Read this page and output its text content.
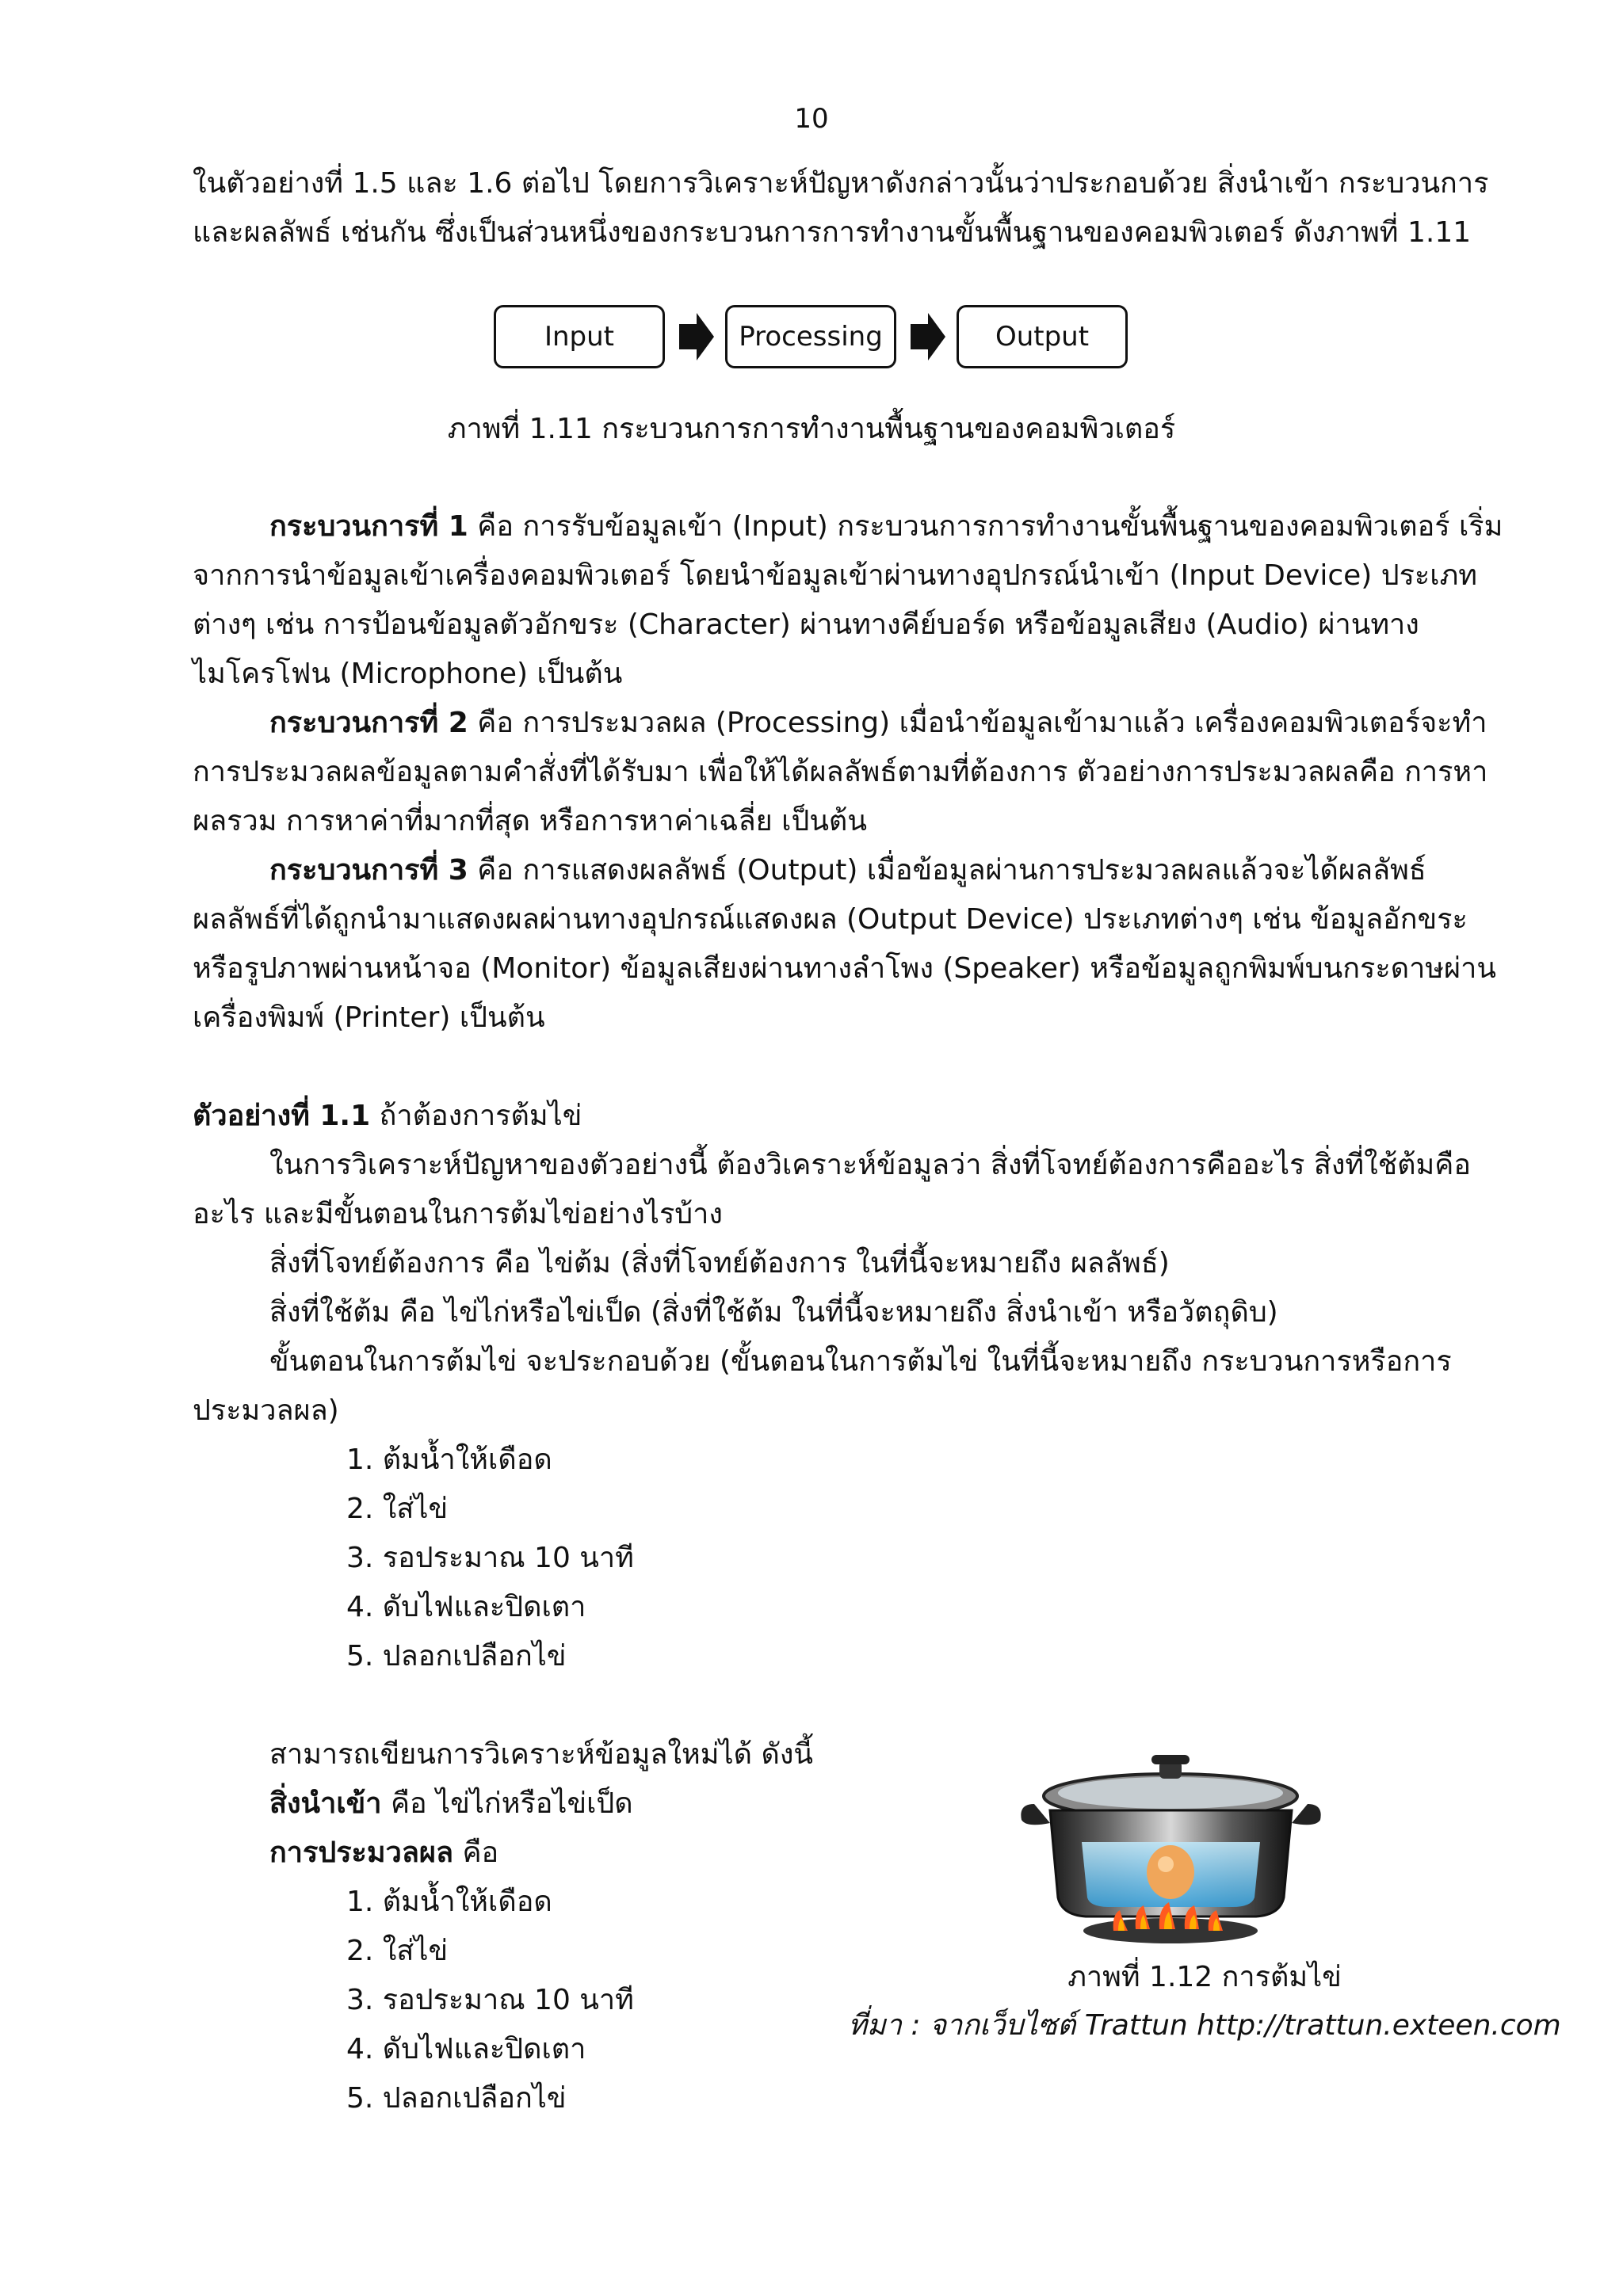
10
ในตัวอย่างที่ 1.5 และ 1.6 ต่อไป โดยการวิเคราะห์ปัญหาดังกล่าวนั้นว่าประกอบด้วย สิ่งนำเข้า กระบวนการ
และผลลัพธ์ เช่นกัน ซึ่งเป็นส่วนหนึ่งของกระบวนการการทำงานขั้นพื้นฐานของคอมพิวเตอร์ ดังภาพที่ 1.11
Input	Processing	Output
ภาพที่ 1.11 กระบวนการการทำงานพื้นฐานของคอมพิวเตอร์
กระบวนการที่ 1 คือ การรับข้อมูลเข้า (Input) กระบวนการการทำงานขั้นพื้นฐานของคอมพิวเตอร์ เริ่ม
จากการนำข้อมูลเข้าเครื่องคอมพิวเตอร์ โดยนำข้อมูลเข้าผ่านทางอุปกรณ์นำเข้า (Input Device) ประเภท
ต่างๆ เช่น การป้อนข้อมูลตัวอักขระ (Character) ผ่านทางคีย์บอร์ด หรือข้อมูลเสียง (Audio) ผ่านทาง
ไมโครโฟน (Microphone) เป็นต้น
กระบวนการที่ 2 คือ การประมวลผล (Processing) เมื่อนำข้อมูลเข้ามาแล้ว เครื่องคอมพิวเตอร์จะทำ
การประมวลผลข้อมูลตามคำสั่งที่ได้รับมา เพื่อให้ได้ผลลัพธ์ตามที่ต้องการ ตัวอย่างการประมวลผลคือ การหา
ผลรวม การหาค่าที่มากที่สุด หรือการหาค่าเฉลี่ย เป็นต้น
กระบวนการที่ 3 คือ การแสดงผลลัพธ์ (Output) เมื่อข้อมูลผ่านการประมวลผลแล้วจะได้ผลลัพธ์
ผลลัพธ์ที่ได้ถูกนำมาแสดงผลผ่านทางอุปกรณ์แสดงผล (Output Device) ประเภทต่างๆ เช่น ข้อมูลอักขระ
หรือรูปภาพผ่านหน้าจอ (Monitor) ข้อมูลเสียงผ่านทางลำโพง (Speaker) หรือข้อมูลถูกพิมพ์บนกระดาษผ่าน
เครื่องพิมพ์ (Printer) เป็นต้น
ตัวอย่างที่ 1.1 ถ้าต้องการต้มไข่
ในการวิเคราะห์ปัญหาของตัวอย่างนี้ ต้องวิเคราะห์ข้อมูลว่า สิ่งที่โจทย์ต้องการคืออะไร สิ่งที่ใช้ต้มคือ
อะไร และมีขั้นตอนในการต้มไข่อย่างไรบ้าง
สิ่งที่โจทย์ต้องการ คือ ไข่ต้ม (สิ่งที่โจทย์ต้องการ ในที่นี้จะหมายถึง ผลลัพธ์)
สิ่งที่ใช้ต้ม คือ ไข่ไก่หรือไข่เป็ด (สิ่งที่ใช้ต้ม ในที่นี้จะหมายถึง สิ่งนำเข้า หรือวัตถุดิบ)
ขั้นตอนในการต้มไข่ จะประกอบด้วย (ขั้นตอนในการต้มไข่ ในที่นี้จะหมายถึง กระบวนการหรือการ
ประมวลผล)
1. ต้มน้ำให้เดือด
2. ใส่ไข่
3. รอประมาณ 10 นาที
4. ดับไฟและปิดเตา
5. ปลอกเปลือกไข่
สามารถเขียนการวิเคราะห์ข้อมูลใหม่ได้ ดังนี้
สิ่งนำเข้า คือ ไข่ไก่หรือไข่เป็ด
การประมวลผล คือ
1. ต้มน้ำให้เดือด
2. ใส่ไข่
3. รอประมาณ 10 นาที
4. ดับไฟและปิดเตา
5. ปลอกเปลือกไข่
ภาพที่ 1.12 การต้มไข่
ที่มา : จากเว็บไซต์ Trattun http://trattun.exteen.com
